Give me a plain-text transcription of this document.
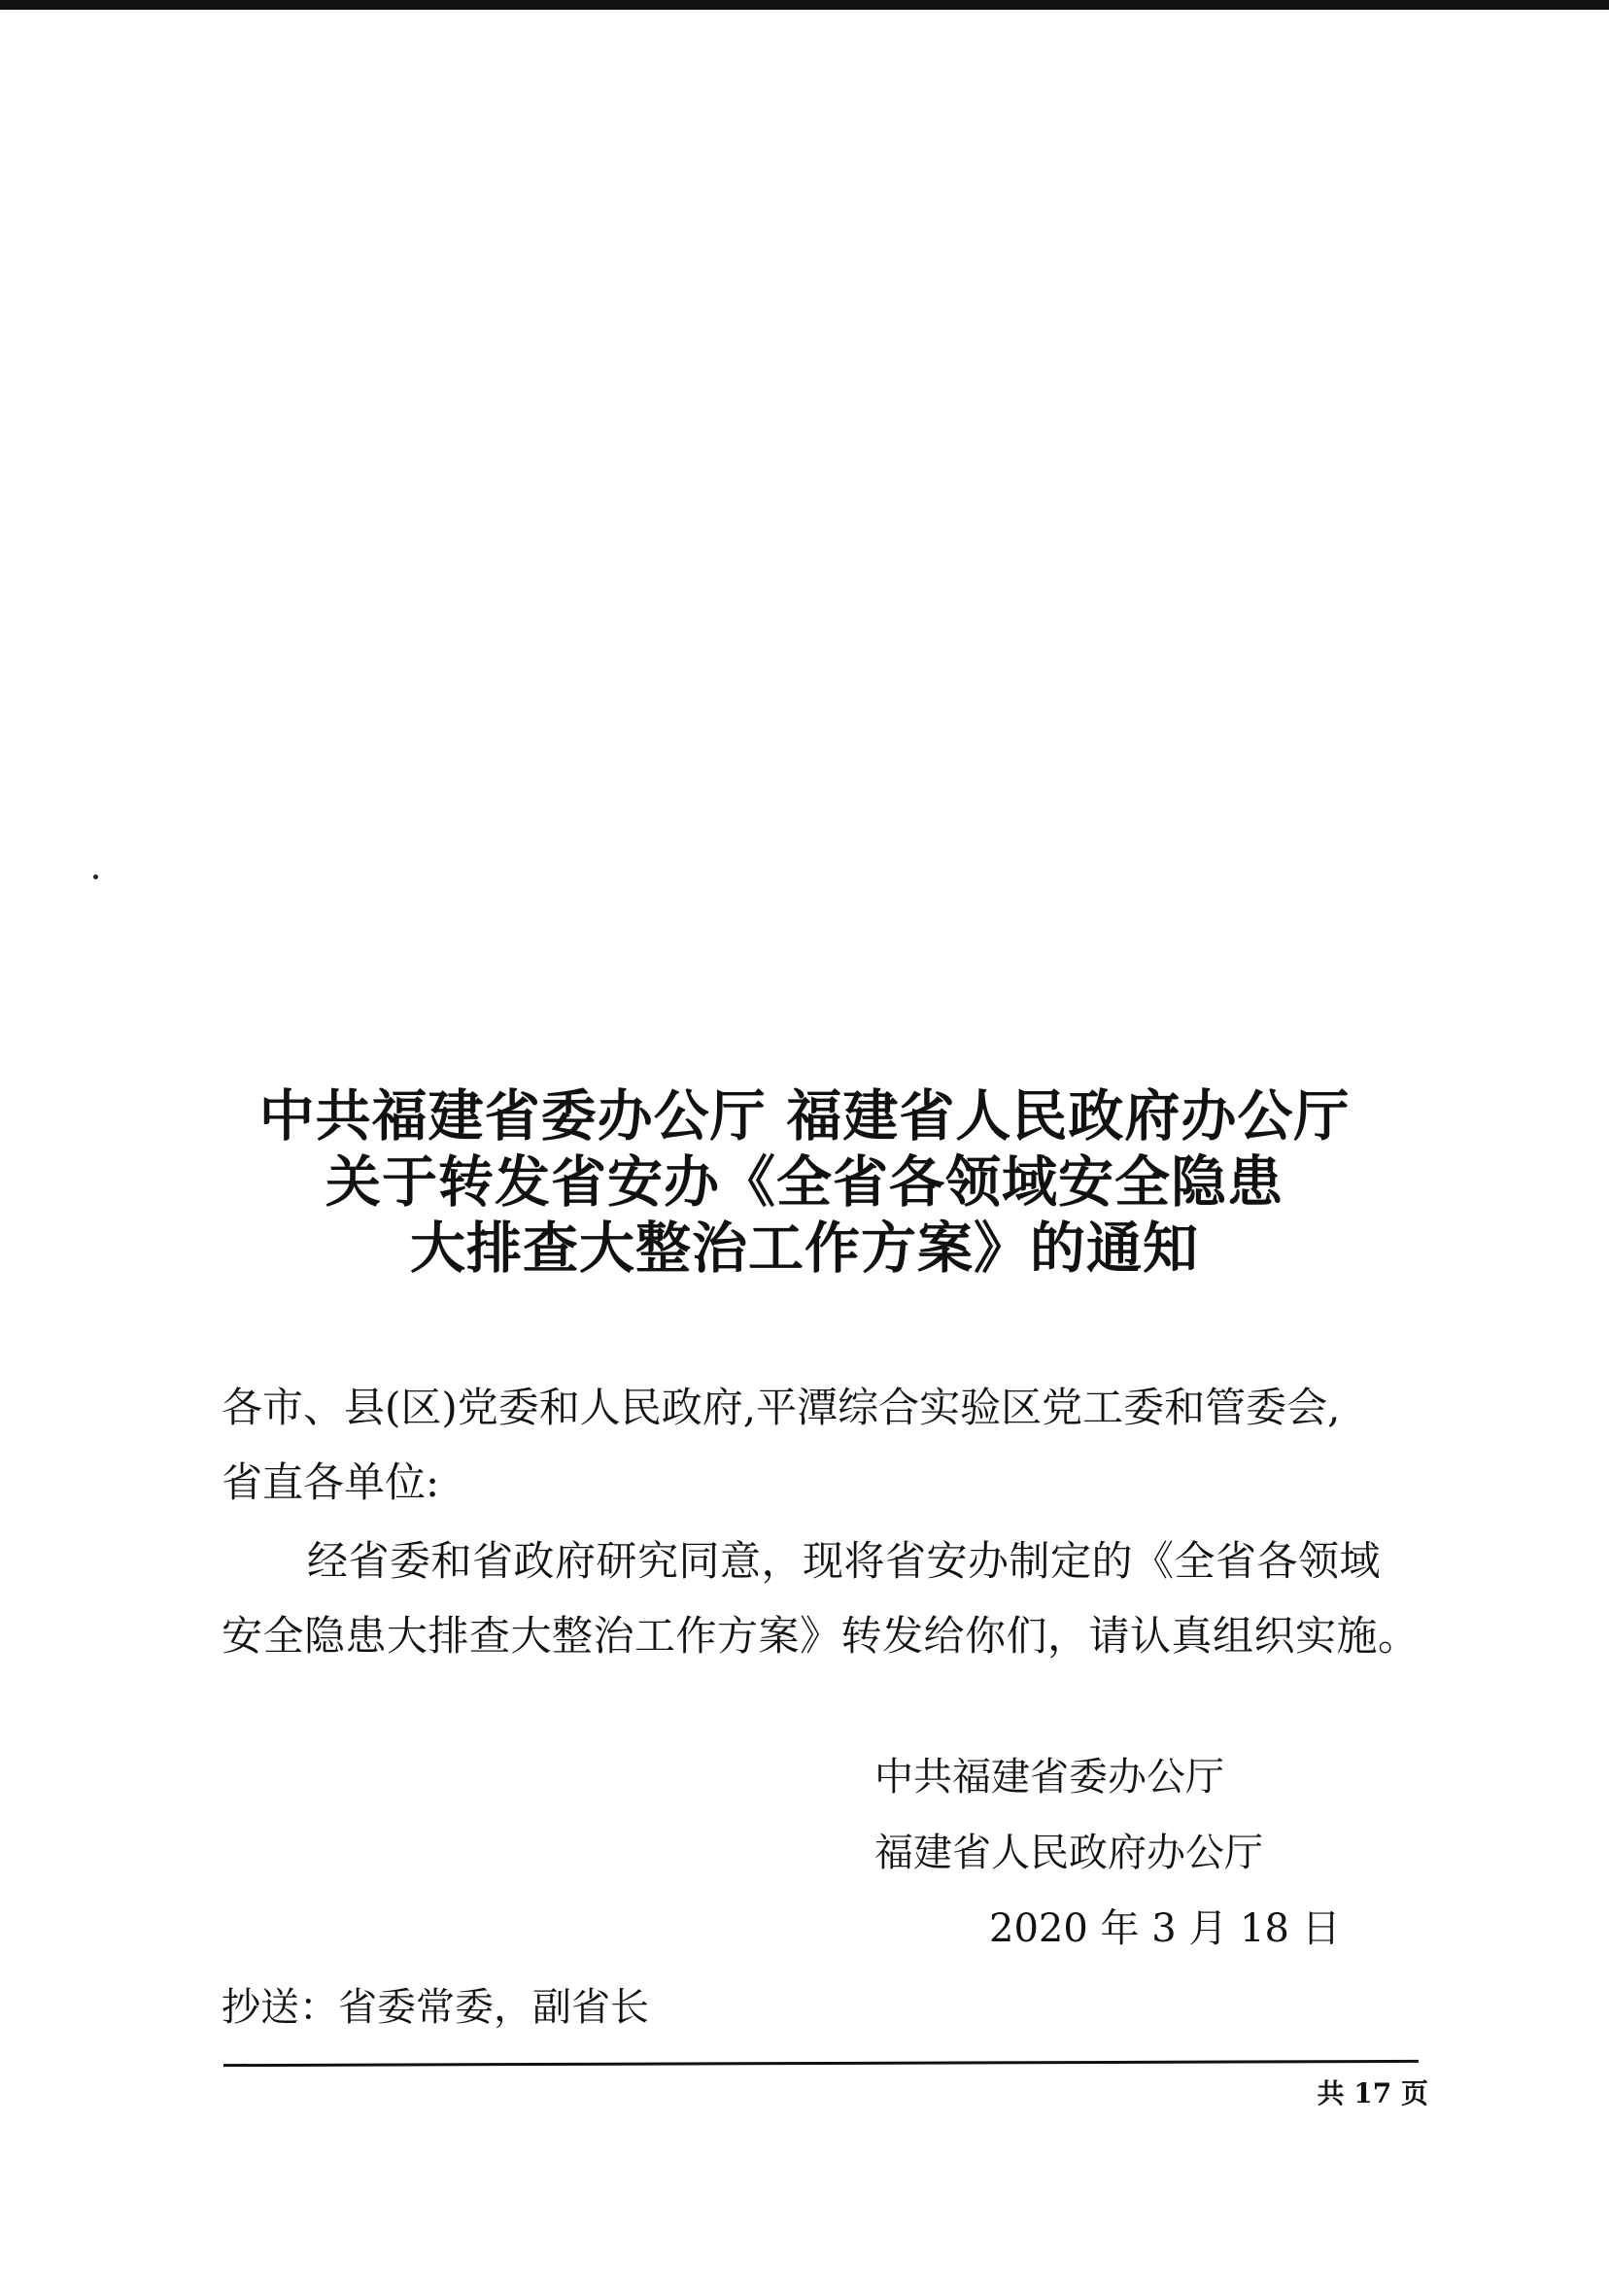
中共福建省委办公厅 福建省人民政府办公厅
关于转发省安办《全省各领域安全隐患
大排查大整治工作方案》的通知
各市、县(区)党委和人民政府,平潭综合实验区党工委和管委会,
省直各单位:
经省委和省政府研究同意，现将省安办制定的《全省各领域
安全隐患大排查大整治工作方案》转发给你们，请认真组织实施。
中共福建省委办公厅
福建省人民政府办公厅
2020 年 3 月 18 日
抄送：省委常委，副省长
共 17 页
